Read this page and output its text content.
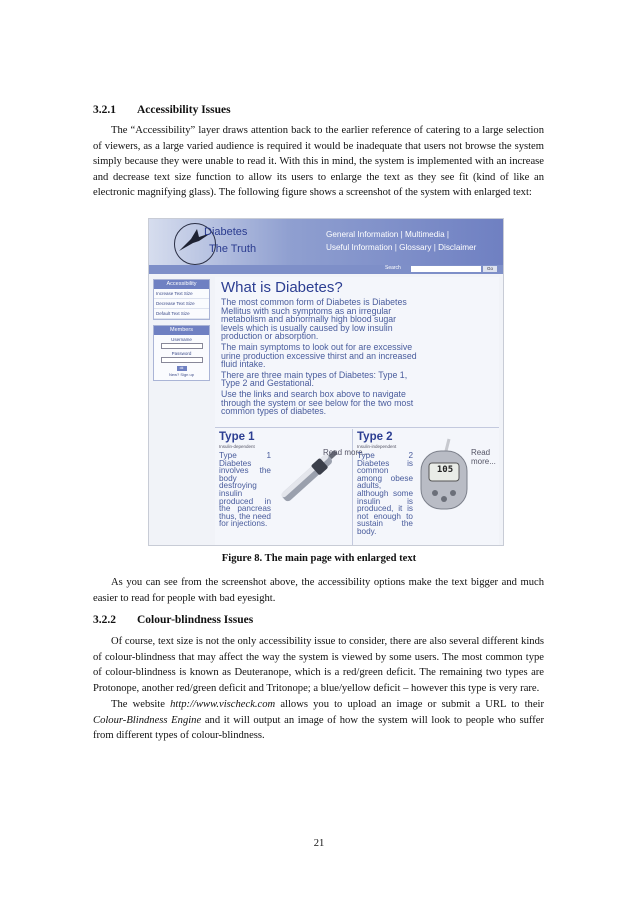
3.2.1 Accessibility Issues

The “Accessibility” layer draws attention back to the earlier reference of catering to a large selection of viewers, as a large varied audience is required it would be inadequate that users not browse the system simply because they were unable to read it. With this in mind, the system is implemented with an increase and decrease text size function to allow its users to enlarge the text as they see fit (kind of like an electronic magnifying glass). The following figure shows a screenshot of the system with enlarged text:

Diabetes
The Truth
General Information | Multimedia |
Useful Information | Glossary | Disclaimer
Search	Go
Accessibility
Increase Text Size
Decrease Text Size
Default Text Size
Members
Username
Password
ok
New? Sign up
What is Diabetes?

The most common form of Diabetes is Diabetes Mellitus with such symptoms as an irregular metabolism and abnormally high blood sugar levels which is usually caused by low insulin production or absorption.

The main symptoms to look out for are excessive urine production excessive thirst and an increased fluid intake.

There are three main types of Diabetes: Type 1, Type 2 and Gestational.

Use the links and search box above to navigate through the system or see below for the two most common types of diabetes.

Type 1
Insulin-dependent

Type 1 Diabetes involves the body destroying insulin produced in the pancreas thus, the need for injections.

Read more...
Type 2
Insulin-independent

Type 2 Diabetes is common among obese adults, although some insulin is produced, it is not enough to sustain the body.

105
Read more...
Figure 8. The main page with enlarged text

As you can see from the screenshot above, the accessibility options make the text bigger and much easier to read for people with bad eyesight.

3.2.2 Colour-blindness Issues

Of course, text size is not the only accessibility issue to consider, there are also several different kinds of colour-blindness that may affect the way the system is viewed by some users. The most common type of colour-blindness is known as Deuteranope, which is a red/green deficit. The remaining two types are Protonope, another red/green deficit and Tritonope; a blue/yellow deficit – however this type is very rare.

The website http://www.vischeck.com allows you to upload an image or submit a URL to their Colour-Blindness Engine and it will output an image of how the system will look to people who suffer from different types of colour-blindness.

21
